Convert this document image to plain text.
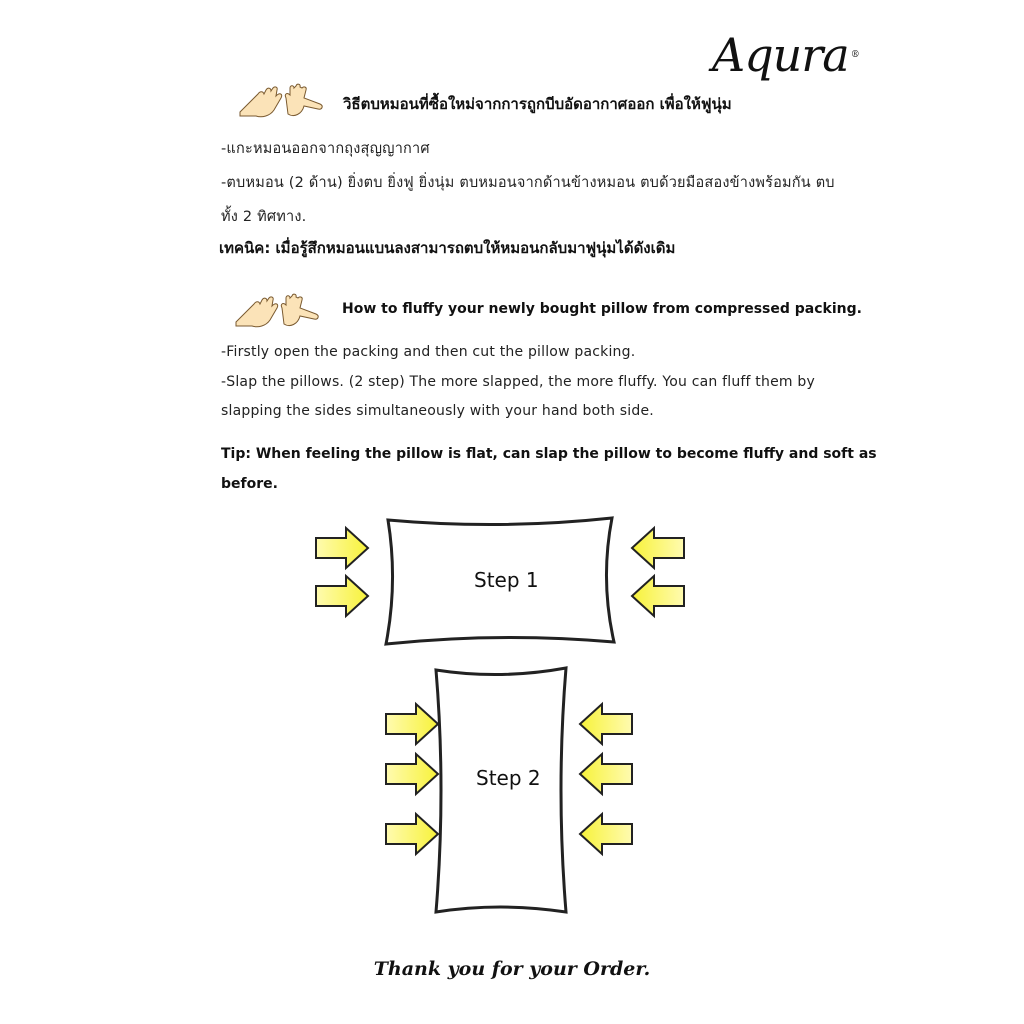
Aqura ®
วิธีตบหมอนที่ซื้อใหม่จากการถูกบีบอัดอากาศออก เพื่อให้ฟูนุ่ม
-แกะหมอนออกจากถุงสุญญากาศ
-ตบหมอน (2 ด้าน) ยิ่งตบ ยิ่งฟู ยิ่งนุ่ม ตบหมอนจากด้านข้างหมอน ตบด้วยมือสองข้างพร้อมกัน ตบ
ทั้ง 2 ทิศทาง.
เทคนิค: เมื่อรู้สึกหมอนแบนลงสามารถตบให้หมอนกลับมาฟูนุ่มได้ดังเดิม
How to fluffy your newly bought pillow from compressed packing.
-Firstly open the packing and then cut the pillow packing.
-Slap the pillows. (2 step) The more slapped, the more fluffy. You can fluff them by
slapping the sides simultaneously with your hand both side.
Tip: When feeling the pillow is flat, can slap the pillow to become fluffy and soft as
before.
Step 1
Step 2
Thank you for your Order.
